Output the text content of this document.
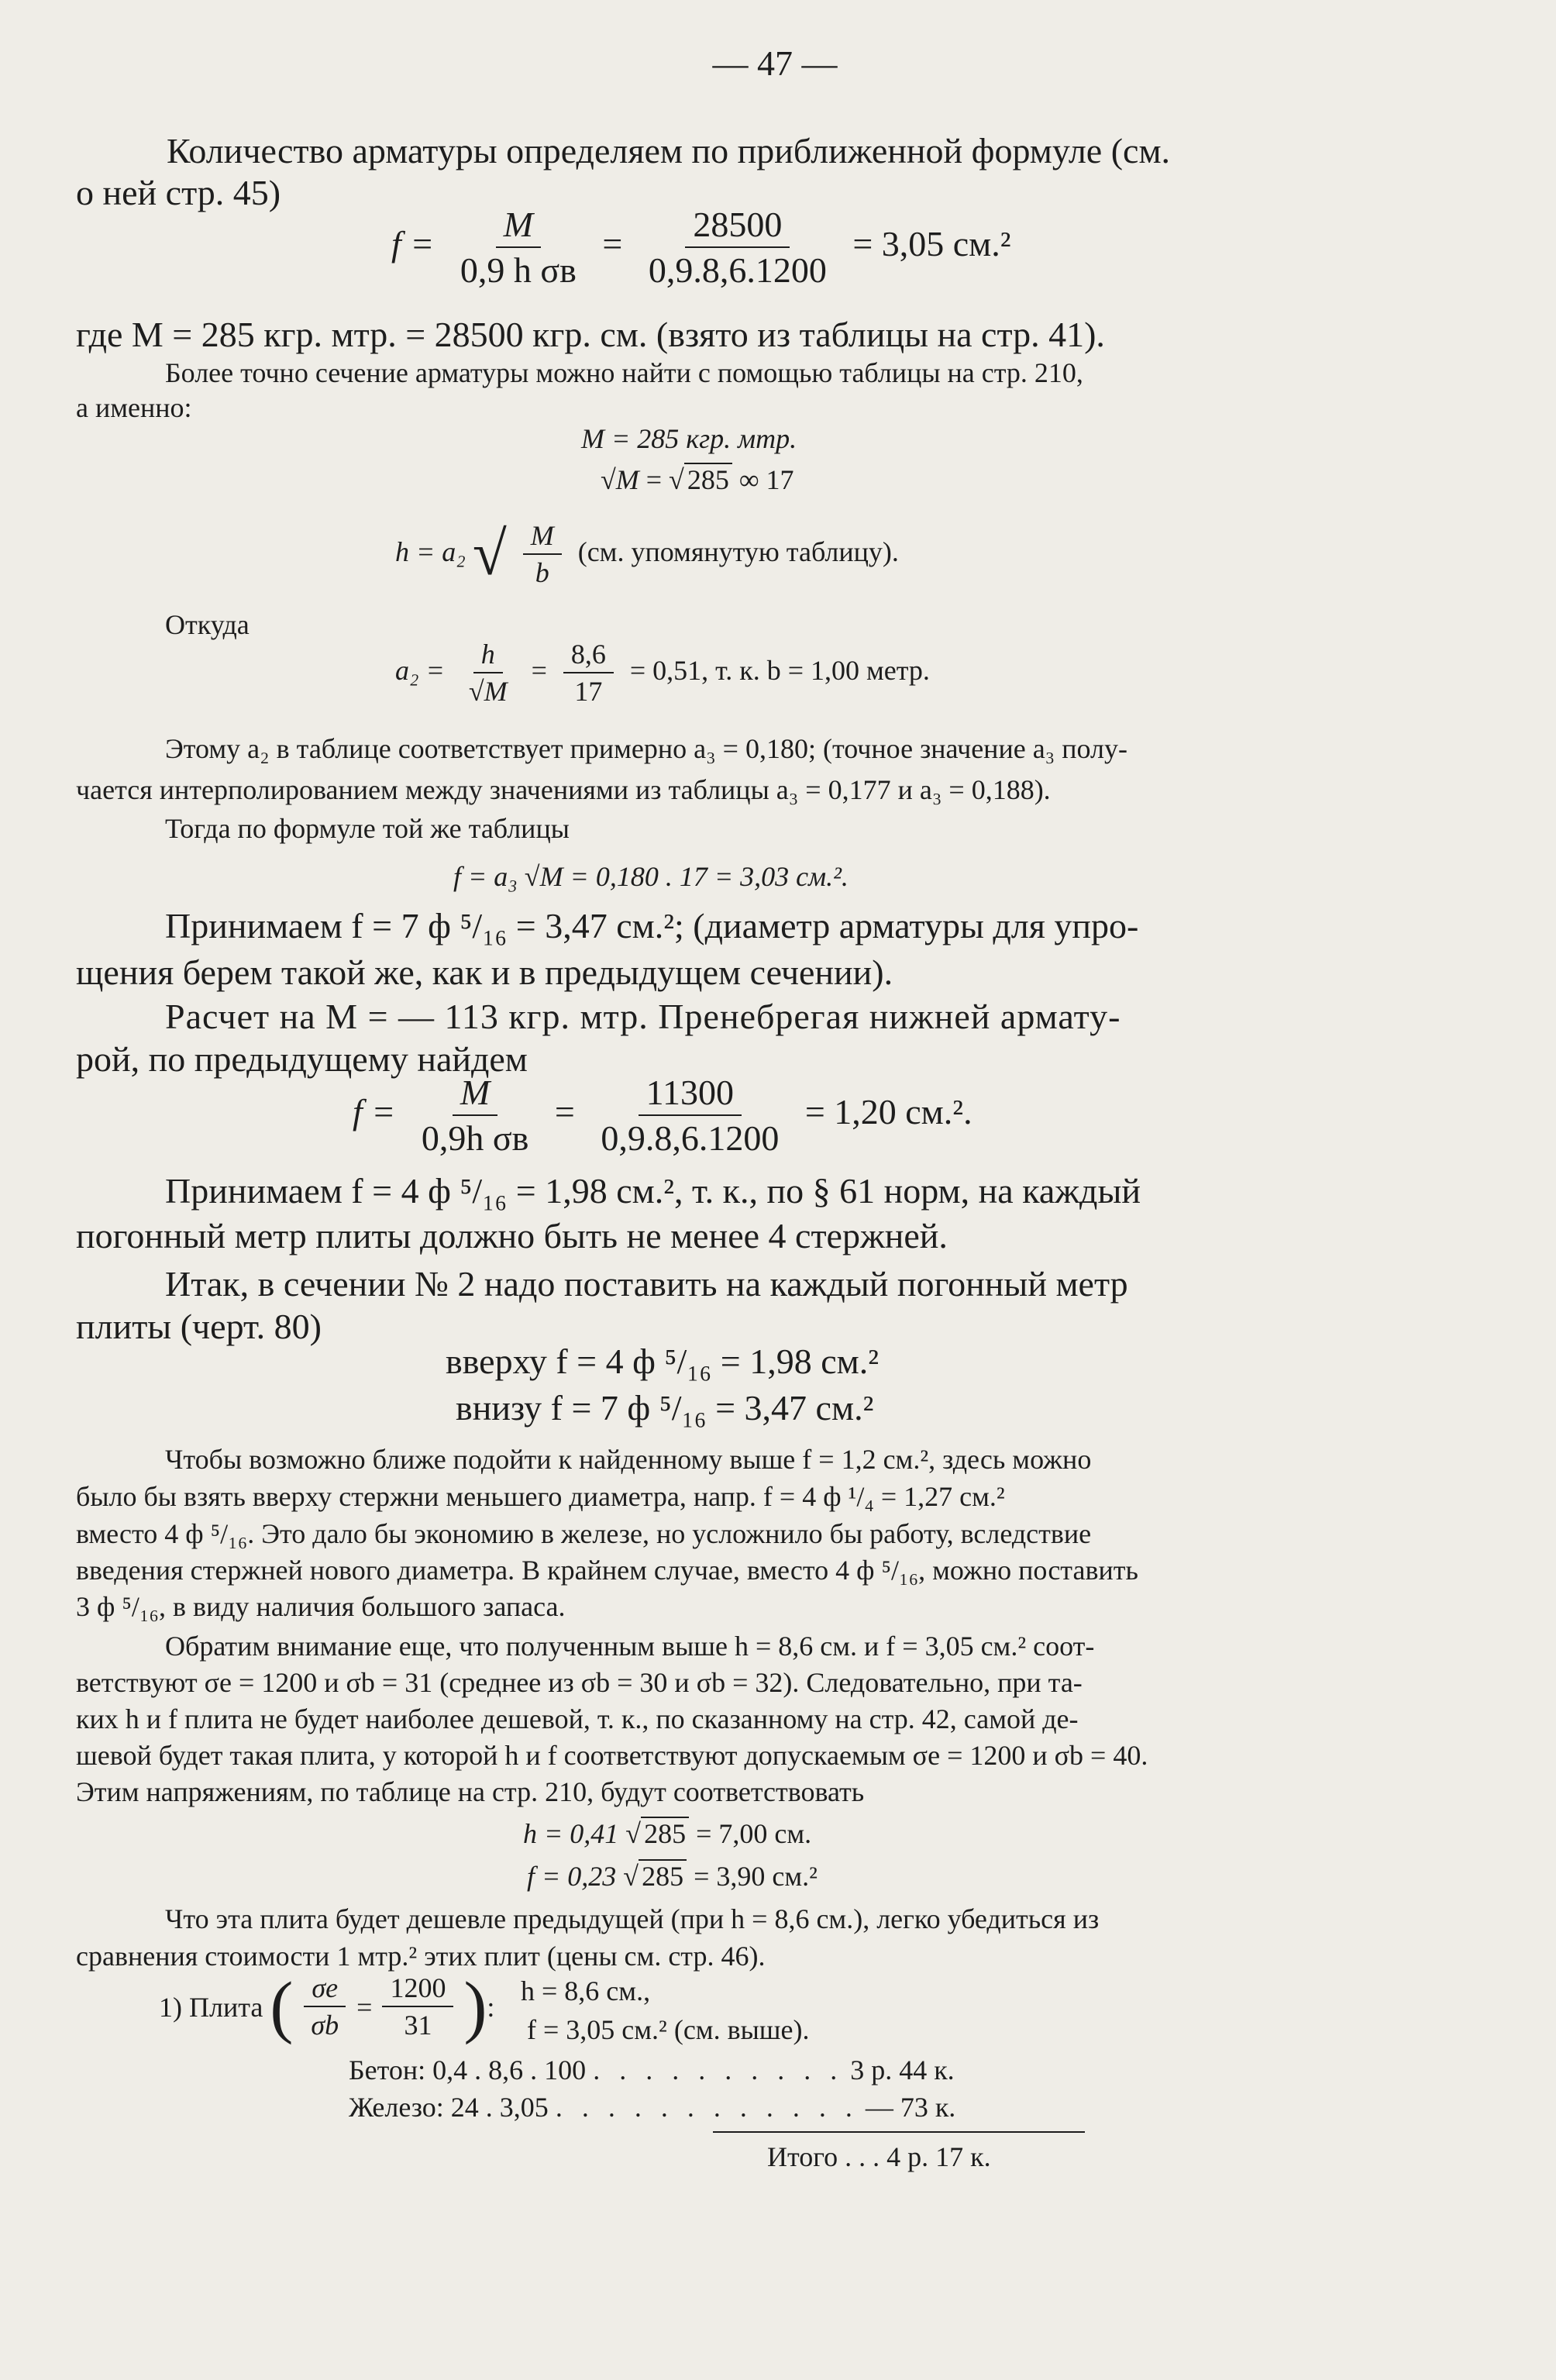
— 47 —
Количество арматуры определяем по приближенной формуле (см.
о ней стр. 45)
$f = \frac{M}{\text{0,9 h σв}} = \frac{28500}{0,9.8,6.1200} = 3,05$ см.²
где M = 285 кгр. мтр. = 28500 кгр. см. (взято из таблицы на стр. 41).
Более точно сечение арматуры можно найти с помощью таблицы на стр. 210,
а именно:
M = 285 кгр. мтр.
√M = √ 285 ∞ 17
h = a₂ √ $\frac{M}{b} (см$. упомянутую таблицу).
Откуда
$a_2 = \frac{h}{√M} = \frac{8,6}{17} = 0,51$, т. к. b = 1,00 метр.
Этому a₂ в таблице соответствует примерно a₃ = 0,180; (точное значение a₃ полу-
чается интерполированием между значениями из таблицы a₃ = 0,177 и a₃ = 0,188).
Тогда по формуле той же таблицы
f = a₃ √M = 0,180 . 17 = 3,03 см.².
Принимаем f = 7 ф ⁵/₁₆ = 3,47 см.²; (диаметр арматуры для упро-
щения берем такой же, как и в предыдущем сечении).
Расчет на M = — 113 кгр. мтр. Пренебрегая нижней армату-
рой, по предыдущему найдем
$f = \frac{M}{\text{0,9h σв}} = \frac{11300}{0,9.8,6.1200} = 1,20$ см.².
Принимаем f = 4 ф ⁵/₁₆ = 1,98 см.², т. к., по § 61 норм, на каждый
погонный метр плиты должно быть не менее 4 стержней.
Итак, в сечении № 2 надо поставить на каждый погонный метр
плиты (черт. 80)
вверху f = 4 ф ⁵/₁₆ = 1,98 см.²
внизу f = 7 ф ⁵/₁₆ = 3,47 см.²
Чтобы возможно ближе подойти к найденному выше f = 1,2 см.², здесь можно
было бы взять вверху стержни меньшего диаметра, напр. f = 4 ф ¹/₄ = 1,27 см.²
вместо 4 ф ⁵/₁₆. Это дало бы экономию в железе, но усложнило бы работу, вследствие
введения стержней нового диаметра. В крайнем случае, вместо 4 ф ⁵/₁₆, можно поставить
3 ф ⁵/₁₆, в виду наличия большого запаса.
Обратим внимание еще, что полученным выше h = 8,6 см. и f = 3,05 см.² соот-
ветствуют σe = 1200 и σb = 31 (среднее из σb = 30 и σb = 32). Следовательно, при та-
ких h и f плита не будет наиболее дешевой, т. к., по сказанному на стр. 42, самой де-
шевой будет такая плита, у которой h и f соответствуют допускаемым σe = 1200 и σb = 40.
Этим напряжениям, по таблице на стр. 210, будут соответствовать
h = 0,41 √ 285 = 7,00 см.
f = 0,23 √ 285 = 3,90 см.²
Что эта плита будет дешевле предыдущей (при h = 8,6 см.), легко убедиться из
сравнения стоимости 1 мтр.² этих плит (цены см. стр. 46).
1) Плита ( $\frac{\sigma e}{\sigma b} = \frac{1200}{31}$ ):
h = 8,6 см.,
f = 3,05 см.² (см. выше).
Бетон: 0,4 . 8,6 . 100 . . . . . . . . . . 3 р. 44 к.
Железо: 24 . 3,05 . . . . . . . . . . . . — 73 к.
Итого . . . 4 р. 17 к.
